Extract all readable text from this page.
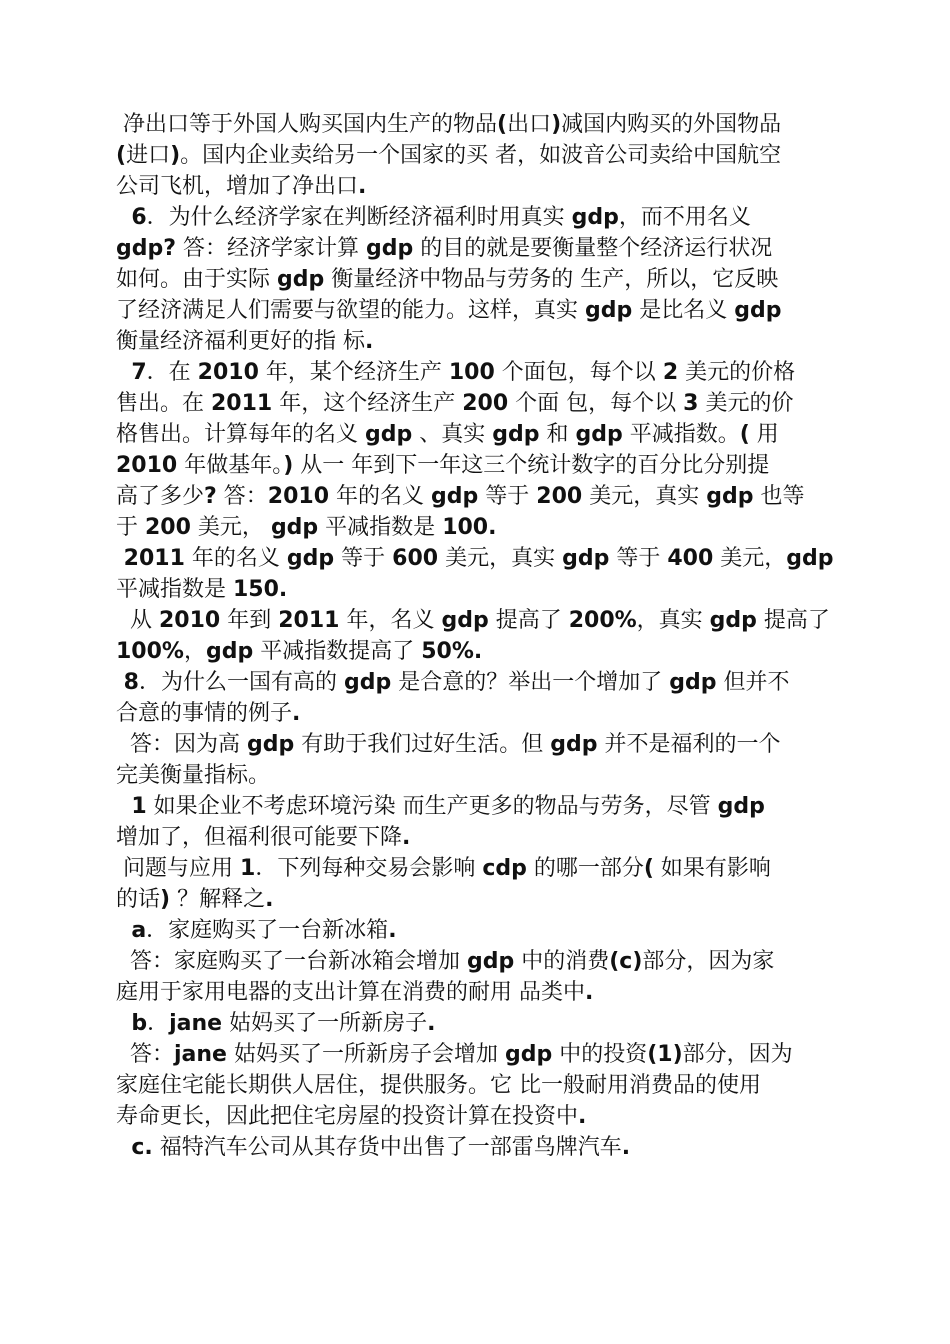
净出口等于外国人购买国内生产的物品(出口)减国内购买的外国物品
(进口)。国内企业卖给另一个国家的买 者，如波音公司卖给中国航空
公司飞机，增加了净出口.
6．为什么经济学家在判断经济福利时用真实 gdp，而不用名义
gdp? 答：经济学家计算 gdp 的目的就是要衡量整个经济运行状况
如何。由于实际 gdp 衡量经济中物品与劳务的 生产，所以，它反映
了经济满足人们需要与欲望的能力。这样，真实 gdp 是比名义 gdp
衡量经济福利更好的指 标.
7．在 2010 年，某个经济生产 100 个面包，每个以 2 美元的价格
售出。在 2011 年，这个经济生产 200 个面 包，每个以 3 美元的价
格售出。计算每年的名义 gdp 、真实 gdp 和 gdp 平减指数。( 用
2010 年做基年。) 从一 年到下一年这三个统计数字的百分比分别提
高了多少? 答：2010 年的名义 gdp 等于 200 美元，真实 gdp 也等
于 200 美元， gdp 平减指数是 100.
2011 年的名义 gdp 等于 600 美元，真实 gdp 等于 400 美元，gdp
平减指数是 150.
从 2010 年到 2011 年，名义 gdp 提高了 200%，真实 gdp 提高了
100%，gdp 平减指数提高了 50%.
8．为什么一国有高的 gdp 是合意的？举出一个增加了 gdp 但并不
合意的事情的例子.
答：因为高 gdp 有助于我们过好生活。但 gdp 并不是福利的一个
完美衡量指标。
1 如果企业不考虑环境污染 而生产更多的物品与劳务，尽管 gdp
增加了，但福利很可能要下降.
问题与应用 1．下列每种交易会影响 cdp 的哪一部分( 如果有影响
的话) ？解释之.
a．家庭购买了一台新冰箱.
答：家庭购买了一台新冰箱会增加 gdp 中的消费(c)部分，因为家
庭用于家用电器的支出计算在消费的耐用 品类中.
b．jane 姑妈买了一所新房子.
答：jane 姑妈买了一所新房子会增加 gdp 中的投资(1)部分，因为
家庭住宅能长期供人居住，提供服务。它 比一般耐用消费品的使用
寿命更长，因此把住宅房屋的投资计算在投资中.
c. 福特汽车公司从其存货中出售了一部雷鸟牌汽车.
